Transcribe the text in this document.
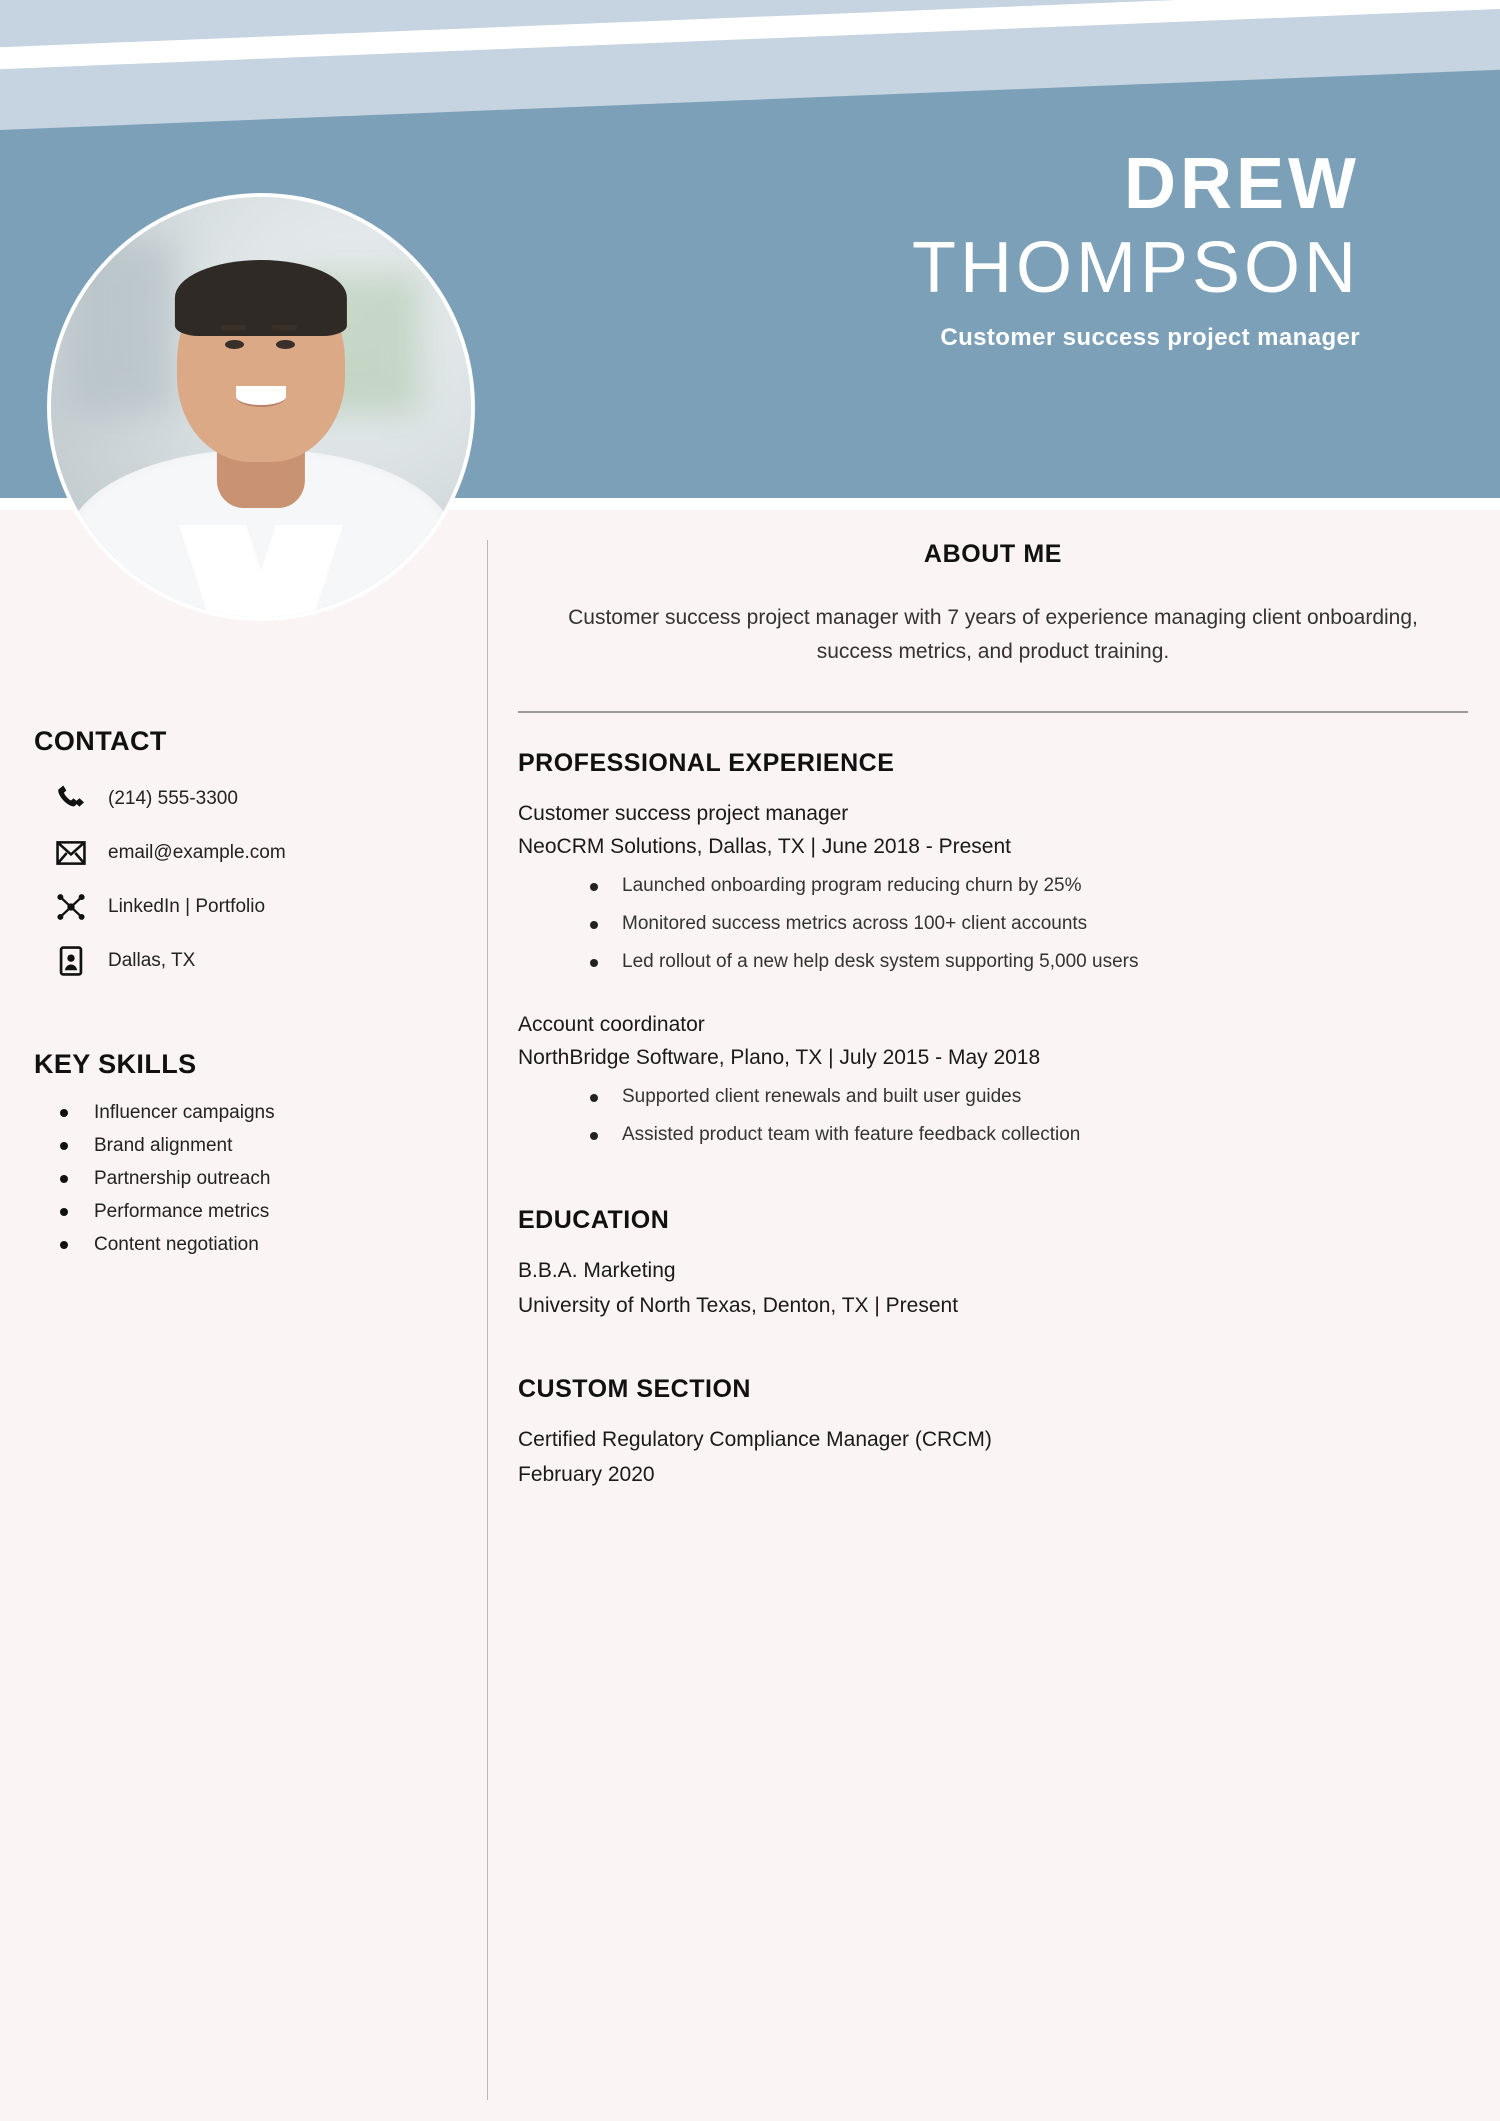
DREW
THOMPSON
Customer success project manager
CONTACT
(214) 555-3300
email@example.com
LinkedIn | Portfolio
Dallas, TX
KEY SKILLS
Influencer campaigns
Brand alignment
Partnership outreach
Performance metrics
Content negotiation
ABOUT ME
Customer success project manager with 7 years of experience managing client onboarding, success metrics, and product training.
PROFESSIONAL EXPERIENCE
Customer success project manager
NeoCRM Solutions, Dallas, TX | June 2018 - Present
Launched onboarding program reducing churn by 25%
Monitored success metrics across 100+ client accounts
Led rollout of a new help desk system supporting 5,000 users
Account coordinator
NorthBridge Software, Plano, TX | July 2015 - May 2018
Supported client renewals and built user guides
Assisted product team with feature feedback collection
EDUCATION
B.B.A. Marketing
University of North Texas, Denton, TX | Present
CUSTOM SECTION
Certified Regulatory Compliance Manager (CRCM)
February 2020
